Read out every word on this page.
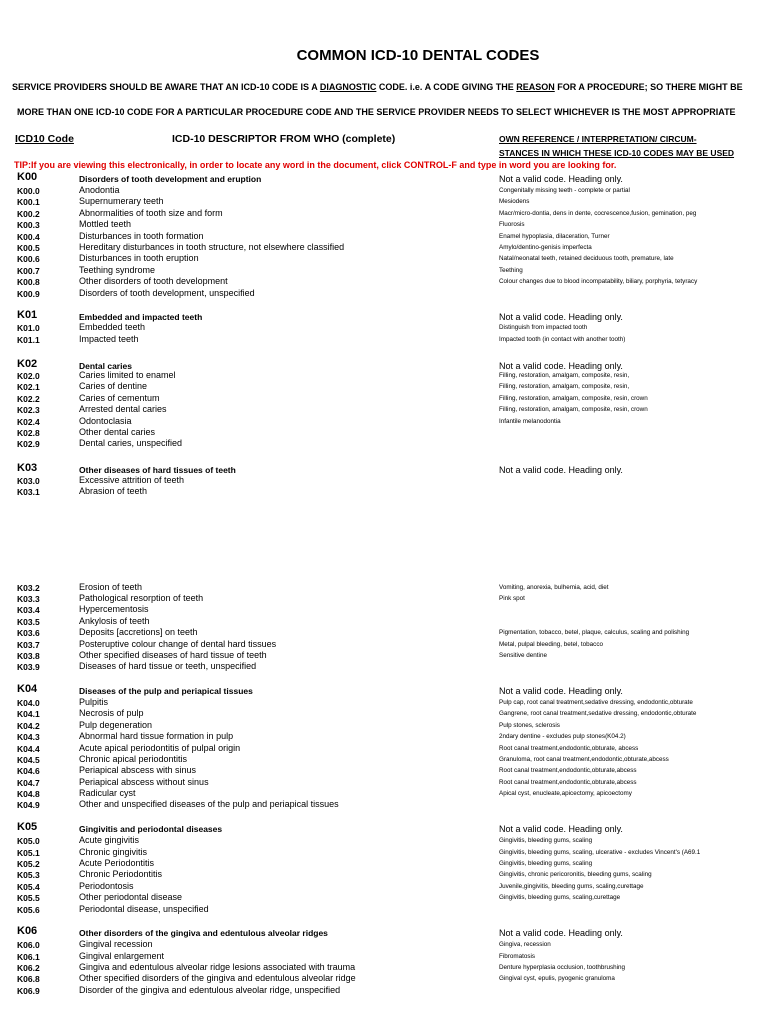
COMMON ICD-10 DENTAL CODES
SERVICE PROVIDERS SHOULD BE AWARE THAT AN ICD-10 CODE IS A DIAGNOSTIC CODE. i.e. A CODE GIVING THE REASON FOR A PROCEDURE; SO THERE MIGHT BE
MORE THAN ONE ICD-10 CODE FOR A PARTICULAR PROCEDURE CODE AND THE SERVICE PROVIDER NEEDS TO SELECT WHICHEVER IS THE MOST APPROPRIATE
ICD10 Code	ICD-10 DESCRIPTOR FROM WHO (complete)	OWN REFERENCE / INTERPRETATION/ CIRCUM-
STANCES IN WHICH THESE ICD-10 CODES MAY BE USED
TIP:If you are viewing this electronically, in order to locate any word in the document, click CONTROL-F and type in word you are looking for.
K00	Disorders of tooth development and eruption	Not a valid code. Heading only.
K00.0	Anodontia	Congenitally missing teeth - complete or partial
K00.1	Supernumerary teeth	Mesiodens
K00.2	Abnormalities of tooth size and form	Macr/micro-dontia, dens in dente, cocrescence,fusion, gemination, peg
K00.3	Mottled teeth	Fluorosis
K00.4	Disturbances in tooth formation	Enamel hypoplasia, dilaceration, Turner
K00.5	Hereditary disturbances in tooth structure, not elsewhere classified	Amylo/dentino-genisis imperfecta
K00.6	Disturbances in tooth eruption	Natal/neonatal teeth, retained deciduous tooth, premature, late
K00.7	Teething syndrome	Teething
K00.8	Other disorders of tooth development	Colour changes due to blood incompatability, biliary, porphyria, tetyracy
K00.9	Disorders of tooth development, unspecified
K01	Embedded and impacted teeth	Not a valid code. Heading only.
K01.0	Embedded teeth	Distinguish from impacted tooth
K01.1	Impacted teeth	Impacted tooth (in contact with another tooth)
K02	Dental caries	Not a valid code. Heading only.
K02.0	Caries limited to enamel	Filling, restoration, amalgam, composite, resin,
K02.1	Caries of dentine	Filling, restoration, amalgam, composite, resin,
K02.2	Caries of cementum	Filling, restoration, amalgam, composite, resin, crown
K02.3	Arrested dental caries	Filling, restoration, amalgam, composite, resin, crown
K02.4	Odontoclasia	Infantile melanodontia
K02.8	Other dental caries
K02.9	Dental caries, unspecified
K03	Other diseases of hard tissues of teeth	Not a valid code. Heading only.
K03.0	Excessive attrition of teeth
K03.1	Abrasion of teeth
K03.2	Erosion of teeth	Vomiting, anorexia, bulhemia, acid, diet
K03.3	Pathological resorption of teeth	Pink spot
K03.4	Hypercementosis
K03.5	Ankylosis of teeth
K03.6	Deposits [accretions] on teeth	Pigmentation, tobacco, betel, plaque, calculus, scaling and polishing
K03.7	Posteruptive colour change of dental hard tissues	Metal, pulpal bleeding, betel, tobacco
K03.8	Other specified diseases of hard tissue of teeth	Sensitive dentine
K03.9	Diseases of hard tissue or teeth, unspecified
K04	Diseases of the pulp and periapical tissues	Not a valid code. Heading only.
K04.0	Pulpitis	Pulp cap, root canal treatment,sedative dressing, endodontic,obturate
K04.1	Necrosis of pulp	Gangrene, root canal treatment,sedative dressing, endodontic,obturate
K04.2	Pulp degeneration	Pulp stones, sclerosis
K04.3	Abnormal hard tissue formation in pulp	2ndary dentine - excludes pulp stones(K04.2)
K04.4	Acute apical periodontitis of pulpal origin	Root canal treatment,endodontic,obturate, abcess
K04.5	Chronic apical periodontitis	Granuloma, root canal treatment,endodontic,obturate,abcess
K04.6	Periapical abscess with sinus	Root canal treatment,endodontic,obturate,abcess
K04.7	Periapical abscess without sinus	Root canal treatment,endodontic,obturate,abcess
K04.8	Radicular cyst	Apical cyst, enucleate,apicectomy, apicoectomy
K04.9	Other and unspecified diseases of the pulp and periapical tissues
K05	Gingivitis and periodontal diseases	Not a valid code. Heading only.
K05.0	Acute gingivitis	Gingivitis, bleeding gums, scaling
K05.1	Chronic gingivitis	Gingivitis, bleeding gums, scaling, ulcerative - excludes Vincent's (A69.1
K05.2	Acute Periodontitis	Gingivitis, bleeding gums, scaling
K05.3	Chronic Periodontitis	Gingivitis, chronic pericoronitis, bleeding gums, scaling
K05.4	Periodontosis	Juvenile,gingivitis, bleeding gums, scaling,curettage
K05.5	Other periodontal disease	Gingivitis, bleeding gums, scaling,curettage
K05.6	Periodontal disease, unspecified
K06	Other disorders of the gingiva and edentulous alveolar ridges	Not a valid code. Heading only.
K06.0	Gingival recession	Gingiva, recession
K06.1	Gingival enlargement	Fibromatosis
K06.2	Gingiva and edentulous alveolar ridge lesions associated with trauma	Denture hyperplasia occlusion, toothbrushing
K06.8	Other specified disorders of the gingiva and edentulous alveolar ridge	Gingival cyst, epulis, pyogenic granuloma
K06.9	Disorder of the gingiva and edentulous alveolar ridge, unspecified
